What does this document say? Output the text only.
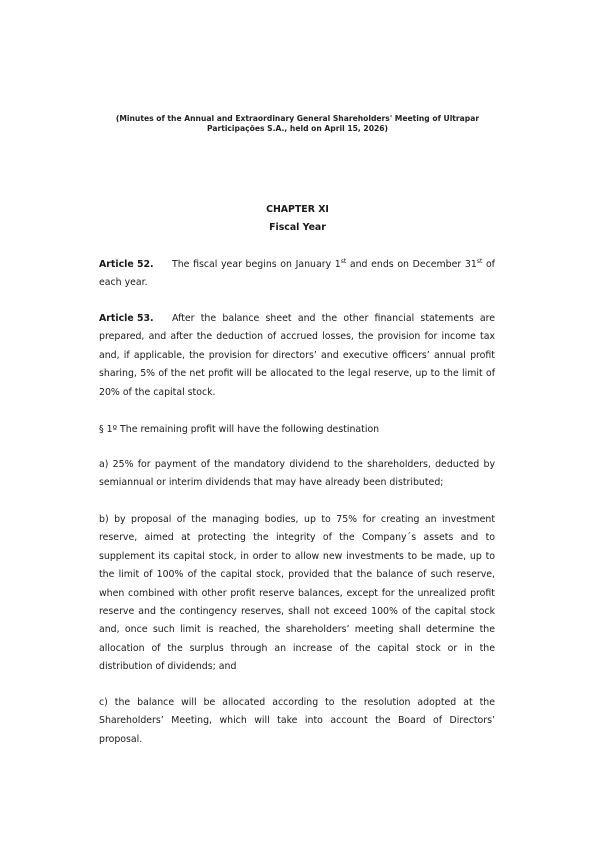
(Minutes of the Annual and Extraordinary General Shareholders' Meeting of Ultrapar
Participações S.A., held on April 15, 2026)
CHAPTER XI
Fiscal Year
Article 52. The fiscal year begins on January 1st and ends on December 31st of each year.
Article 53. After the balance sheet and the other financial statements are prepared, and after the deduction of accrued losses, the provision for income tax and, if applicable, the provision for directors’ and executive officers’ annual profit sharing, 5% of the net profit will be allocated to the legal reserve, up to the limit of 20% of the capital stock.
§ 1º The remaining profit will have the following destination
a) 25% for payment of the mandatory dividend to the shareholders, deducted by semiannual or interim dividends that may have already been distributed;
b) by proposal of the managing bodies, up to 75% for creating an investment reserve, aimed at protecting the integrity of the Company´s assets and to supplement its capital stock, in order to allow new investments to be made, up to the limit of 100% of the capital stock, provided that the balance of such reserve, when combined with other profit reserve balances, except for the unrealized profit reserve and the contingency reserves, shall not exceed 100% of the capital stock and, once such limit is reached, the shareholders’ meeting shall determine the allocation of the surplus through an increase of the capital stock or in the distribution of dividends; and
c) the balance will be allocated according to the resolution adopted at the Shareholders’ Meeting, which will take into account the Board of Directors’ proposal.
